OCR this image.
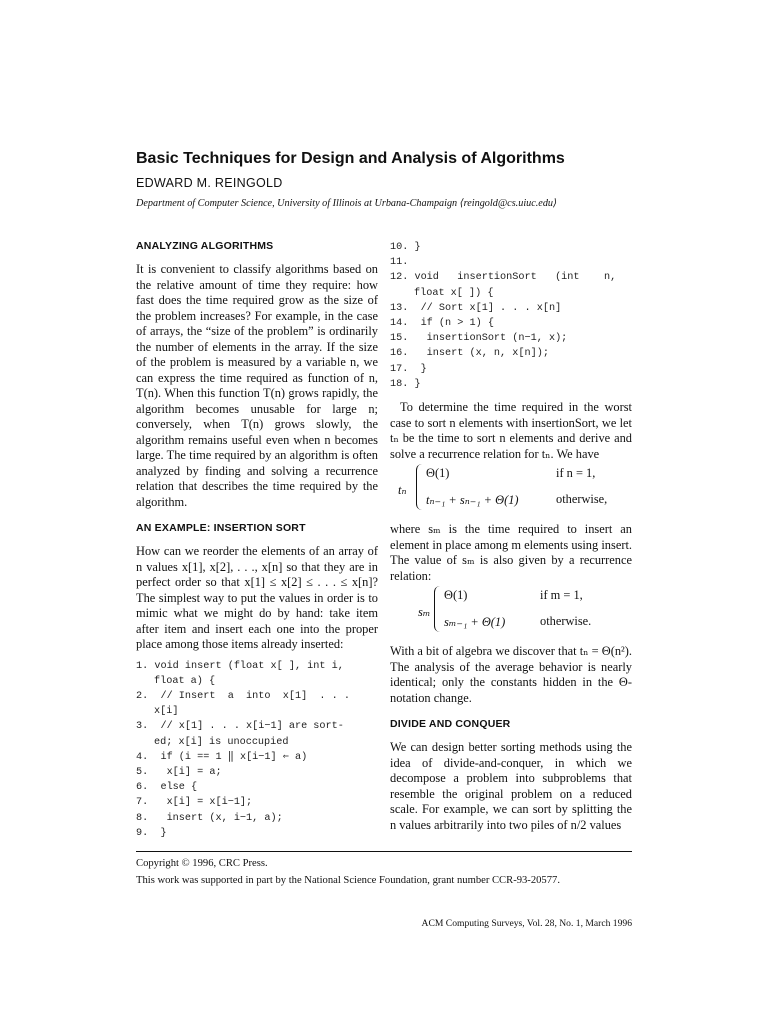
Basic Techniques for Design and Analysis of Algorithms
EDWARD M. REINGOLD
Department of Computer Science, University of Illinois at Urbana-Champaign ⟨reingold@cs.uiuc.edu⟩
ANALYZING ALGORITHMS

It is convenient to classify algorithms based on the relative amount of time they require: how fast does the time required grow as the size of the problem increases? For example, in the case of arrays, the “size of the problem” is ordinarily the number of elements in the array. If the size of the problem is measured by a variable n, we can express the time required as function of n, T(n). When this function T(n) grows rapidly, the algorithm becomes unusable for large n; conversely, when T(n) grows slowly, the algorithm remains useful even when n becomes large. The time required by an algorithm is often analyzed by finding and solving a recurrence relation that describes the time required by the algorithm.

AN EXAMPLE: INSERTION SORT

How can we reorder the elements of an array of n values x[1], x[2], . . ., x[n] so that they are in perfect order so that x[1] ≤ x[2] ≤ . . . ≤ x[n]? The simplest way to put the values in order is to mimic what we might do by hand: take item after item and insert each one into the proper place among those items already inserted:

1. void insert (float x[ ], int i,
float a) {
2.  // Insert  a  into  x[1]  . . .
x[i]
3.  // x[1] . . . x[i−1] are sort-
ed; x[i] is unoccupied
4.  if (i == 1 ‖ x[i−1] ⇐ a)
5.   x[i] = a;
6.  else {
7.   x[i] = x[i−1];
8.   insert (x, i−1, a);
9.  }
10. }
11.
12. void   insertionSort   (int    n,
float x[ ]) {
13.  // Sort x[1] . . . x[n]
14.  if (n > 1) {
15.   insertionSort (n−1, x);
16.   insert (x, n, x[n]);
17.  }
18. }

To determine the time required in the worst case to sort n elements with insertionSort, we let tₙ be the time to sort n elements and derive and solve a recurrence relation for tₙ. We have

tₙ
Θ(1)	if n = 1,
tₙ₋₁ + sₙ₋₁ + Θ(1)	otherwise,

where sₘ is the time required to insert an element in place among m elements using insert. The value of sₘ is also given by a recurrence relation:

sₘ
Θ(1)	if m = 1,
sₘ₋₁ + Θ(1)	otherwise.

With a bit of algebra we discover that tₙ = Θ(n²). The analysis of the average behavior is nearly identical; only the constants hidden in the Θ-notation change.

DIVIDE AND CONQUER

We can design better sorting methods using the idea of divide-and-conquer, in which we decompose a problem into subproblems that resemble the original problem on a reduced scale. For example, we can sort by splitting the n values arbitrarily into two piles of n/2 values

Copyright © 1996, CRC Press.
This work was supported in part by the National Science Foundation, grant number CCR-93-20577.
ACM Computing Surveys, Vol. 28, No. 1, March 1996
